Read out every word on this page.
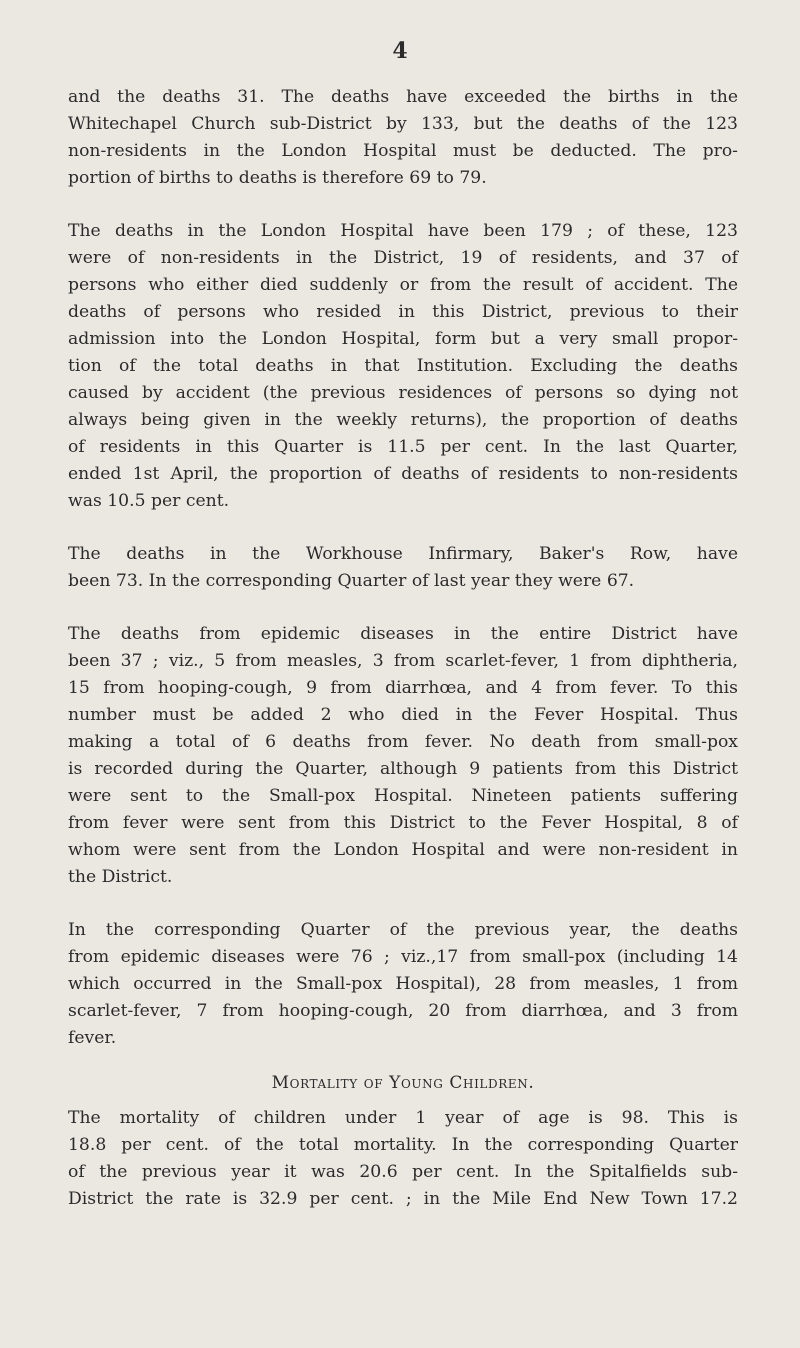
4
and the deaths 31. The deaths have exceeded the births in the
Whitechapel Church sub-District by 133, but the deaths of the 123
non-residents in the London Hospital must be deducted. The pro-
portion of births to deaths is therefore 69 to 79.
The deaths in the London Hospital have been 179 ; of these, 123
were of non-residents in the District, 19 of residents, and 37 of
persons who either died suddenly or from the result of accident. The
deaths of persons who resided in this District, previous to their
admission into the London Hospital, form but a very small propor-
tion of the total deaths in that Institution. Excluding the deaths
caused by accident (the previous residences of persons so dying not
always being given in the weekly returns), the proportion of deaths
of residents in this Quarter is 11.5 per cent. In the last Quarter,
ended 1st April, the proportion of deaths of residents to non-residents
was 10.5 per cent.
The deaths in the Workhouse Infirmary, Baker's Row, have
been 73. In the corresponding Quarter of last year they were 67.
The deaths from epidemic diseases in the entire District have
been 37 ; viz., 5 from measles, 3 from scarlet-fever, 1 from diphtheria,
15 from hooping-cough, 9 from diarrhœa, and 4 from fever. To this
number must be added 2 who died in the Fever Hospital. Thus
making a total of 6 deaths from fever. No death from small-pox
is recorded during the Quarter, although 9 patients from this District
were sent to the Small-pox Hospital. Nineteen patients suffering
from fever were sent from this District to the Fever Hospital, 8 of
whom were sent from the London Hospital and were non-resident in
the District.
In the corresponding Quarter of the previous year, the deaths
from epidemic diseases were 76 ; viz.,17 from small-pox (including 14
which occurred in the Small-pox Hospital), 28 from measles, 1 from
scarlet-fever, 7 from hooping-cough, 20 from diarrhœa, and 3 from
fever.
Mortality of Young Children.
The mortality of children under 1 year of age is 98. This is
18.8 per cent. of the total mortality. In the corresponding Quarter
of the previous year it was 20.6 per cent. In the Spitalfields sub-
District the rate is 32.9 per cent. ; in the Mile End New Town 17.2
